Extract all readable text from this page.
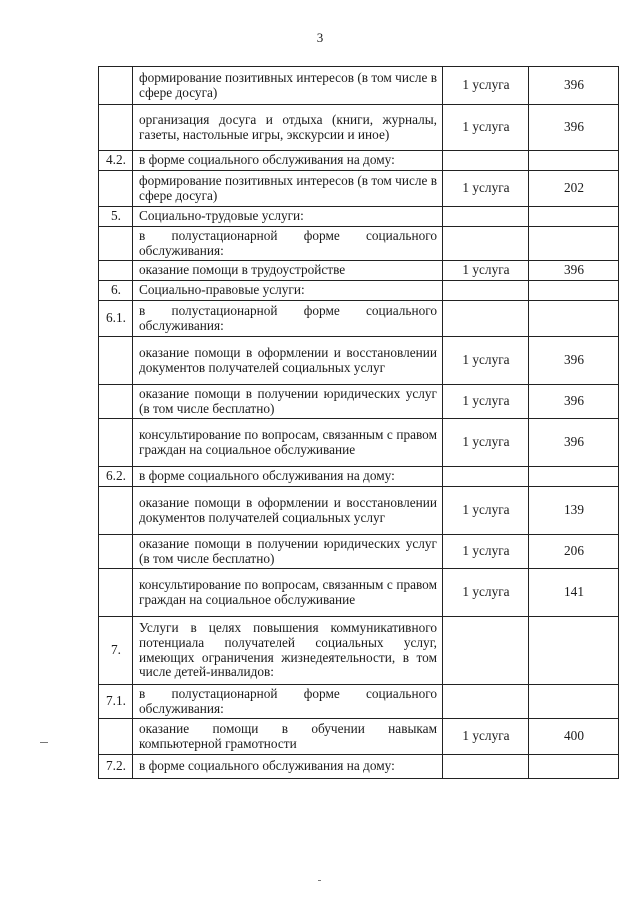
3
	формирование позитивных интересов (в том числе в сфере досуга)	1 услуга	396
	организация досуга и отдыха (книги, журналы, газеты, настольные игры, экскурсии и иное)	1 услуга	396
4.2.	в форме социального обслуживания на дому:		
	формирование позитивных интересов (в том числе в сфере досуга)	1 услуга	202
5.	Социально-трудовые услуги:		
	в полустационарной форме социального обслуживания:		
	оказание помощи в трудоустройстве	1 услуга	396
6.	Социально-правовые услуги:		
6.1.	в полустационарной форме социального обслуживания:		
	оказание помощи в оформлении и восстановлении документов получателей социальных услуг	1 услуга	396
	оказание помощи в получении юридических услуг (в том числе бесплатно)	1 услуга	396
	консультирование по вопросам, связанным с правом граждан на социальное обслуживание	1 услуга	396
6.2.	в форме социального обслуживания на дому:		
	оказание помощи в оформлении и восстановлении документов получателей социальных услуг	1 услуга	139
	оказание помощи в получении юридических услуг (в том числе бесплатно)	1 услуга	206
	консультирование по вопросам, связанным с правом граждан на социальное обслуживание	1 услуга	141
7.	Услуги в целях повышения коммуникативного потенциала получателей социальных услуг, имеющих ограничения жизнедеятельности, в том числе детей-инвалидов:		
7.1.	в полустационарной форме социального обслуживания:		
	оказание помощи в обучении навыкам компьютерной грамотности	1 услуга	400
7.2.	в форме социального обслуживания на дому:		
